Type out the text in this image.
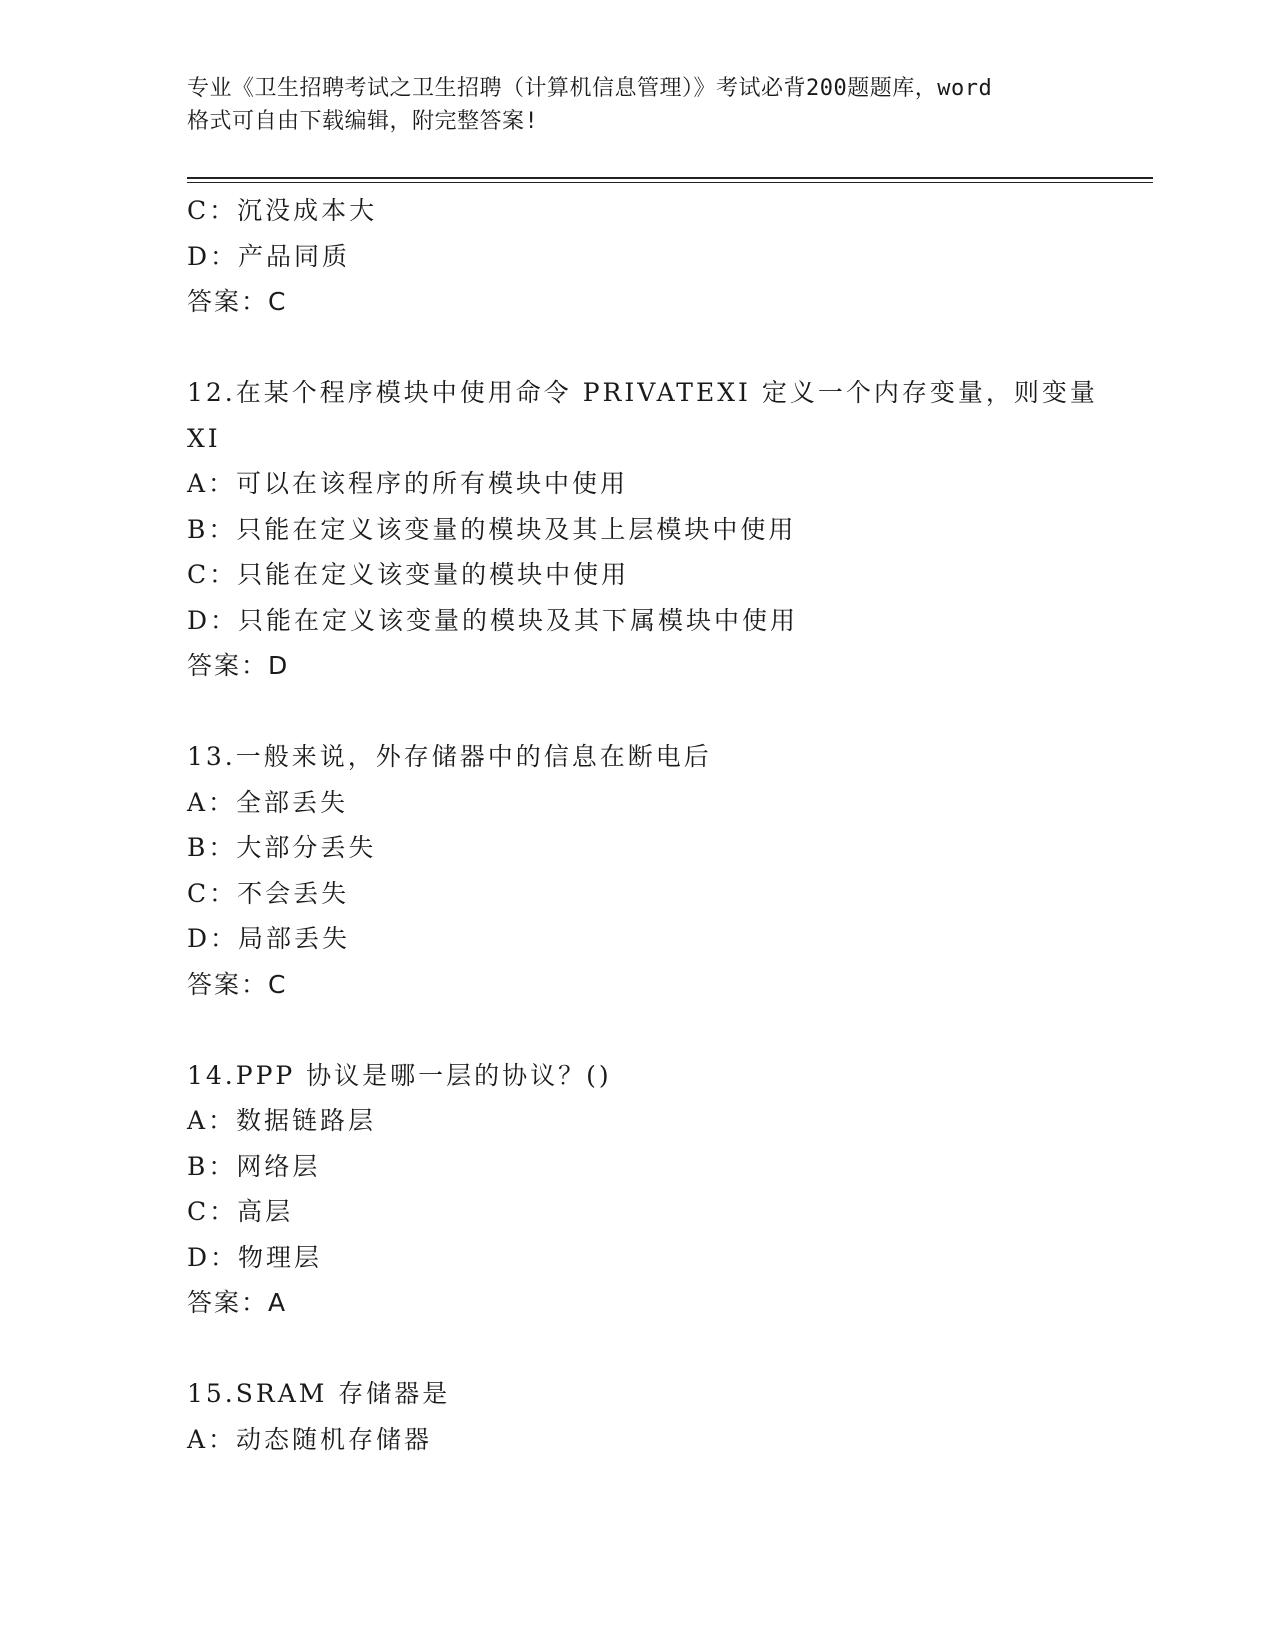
专业《卫生招聘考试之卫生招聘（计算机信息管理）》考试必背200题题库，word
格式可自由下载编辑，附完整答案!
C：沉没成本大
D：产品同质
答案：C
12.在某个程序模块中使用命令 PRIVATEXI 定义一个内存变量，则变量
XI
A：可以在该程序的所有模块中使用
B：只能在定义该变量的模块及其上层模块中使用
C：只能在定义该变量的模块中使用
D：只能在定义该变量的模块及其下属模块中使用
答案：D
13.一般来说，外存储器中的信息在断电后
A：全部丢失
B：大部分丢失
C：不会丢失
D：局部丢失
答案：C
14.PPP 协议是哪一层的协议？()
A：数据链路层
B：网络层
C：高层
D：物理层
答案：A
15.SRAM 存储器是
A：动态随机存储器
